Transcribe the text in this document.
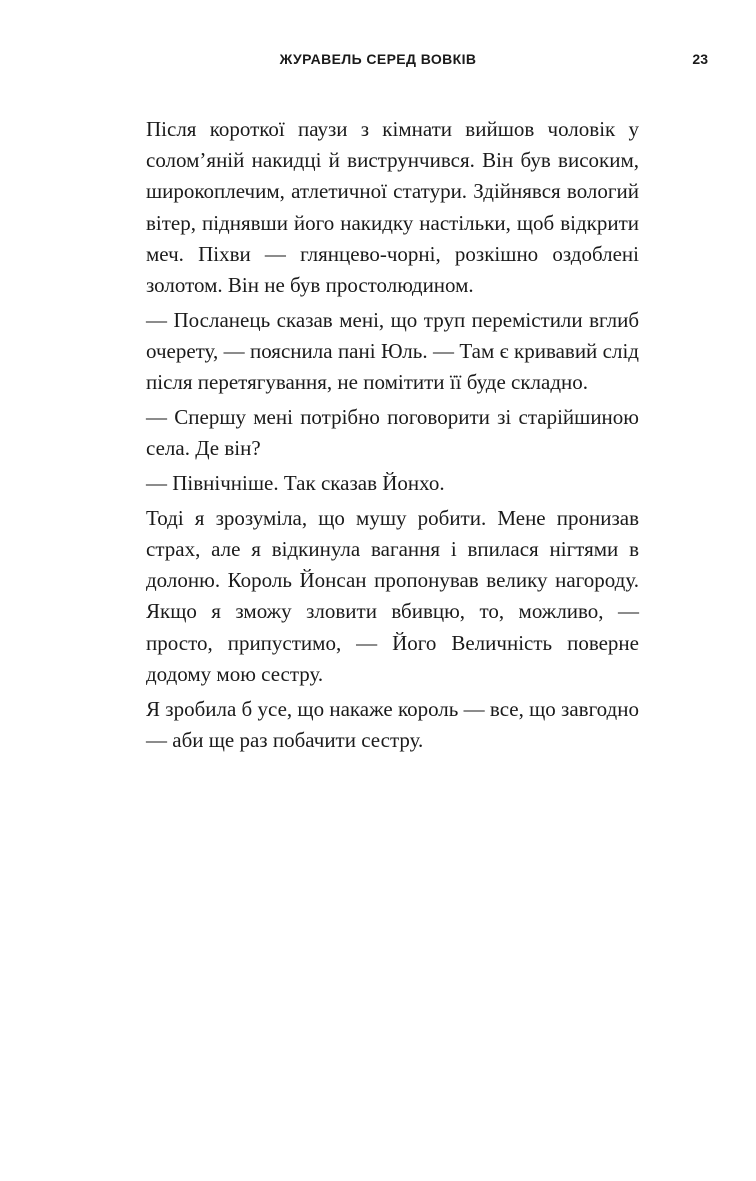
ЖУРАВЕЛЬ СЕРЕД ВОВКІВ	23

Після короткої паузи з кімнати вийшов чоловік у солом’яній накидці й виструнчився. Він був високим, широкоплечим, атлетичної статури. Здійнявся вологий вітер, піднявши його накидку настільки, щоб відкрити меч. Піхви — глянцево-чорні, розкішно оздоблені золотом. Він не був простолюдином.

— Посланець сказав мені, що труп перемістили вглиб очерету, — пояснила пані Юль. — Там є кривавий слід після перетягування, не помітити її буде складно.

— Спершу мені потрібно поговорити зі старійшиною села. Де він?

— Північніше. Так сказав Йонхо.

Тоді я зрозуміла, що мушу робити. Мене пронизав страх, але я відкинула вагання і впилася нігтями в долоню. Король Йонсан пропонував велику нагороду. Якщо я зможу зловити вбивцю, то, можливо, — просто, припустимо, — Його Величність поверне додому мою сестру.

Я зробила б усе, що накаже король — все, що завгодно — аби ще раз побачити сестру.
